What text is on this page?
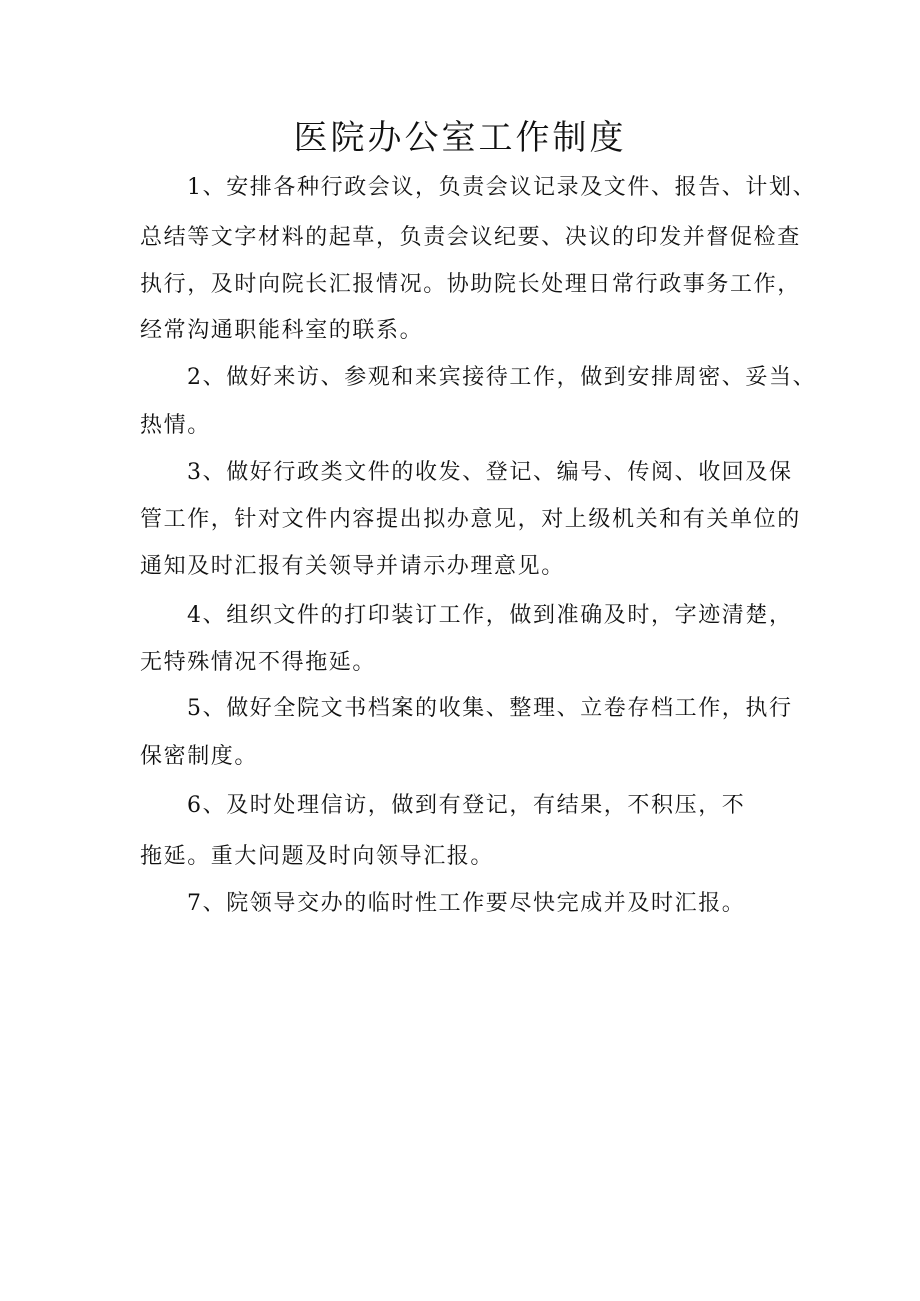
医院办公室工作制度
1、安排各种行政会议，负责会议记录及文件、报告、计划、
总结等文字材料的起草，负责会议纪要、决议的印发并督促检查
执行，及时向院长汇报情况。协助院长处理日常行政事务工作，
经常沟通职能科室的联系。
2、做好来访、参观和来宾接待工作，做到安排周密、妥当、
热情。
3、做好行政类文件的收发、登记、编号、传阅、收回及保
管工作，针对文件内容提出拟办意见，对上级机关和有关单位的
通知及时汇报有关领导并请示办理意见。
4、组织文件的打印装订工作，做到准确及时，字迹清楚，
无特殊情况不得拖延。
5、做好全院文书档案的收集、整理、立卷存档工作，执行
保密制度。
6、及时处理信访，做到有登记，有结果，不积压，不
拖延。重大问题及时向领导汇报。
7、院领导交办的临时性工作要尽快完成并及时汇报。
